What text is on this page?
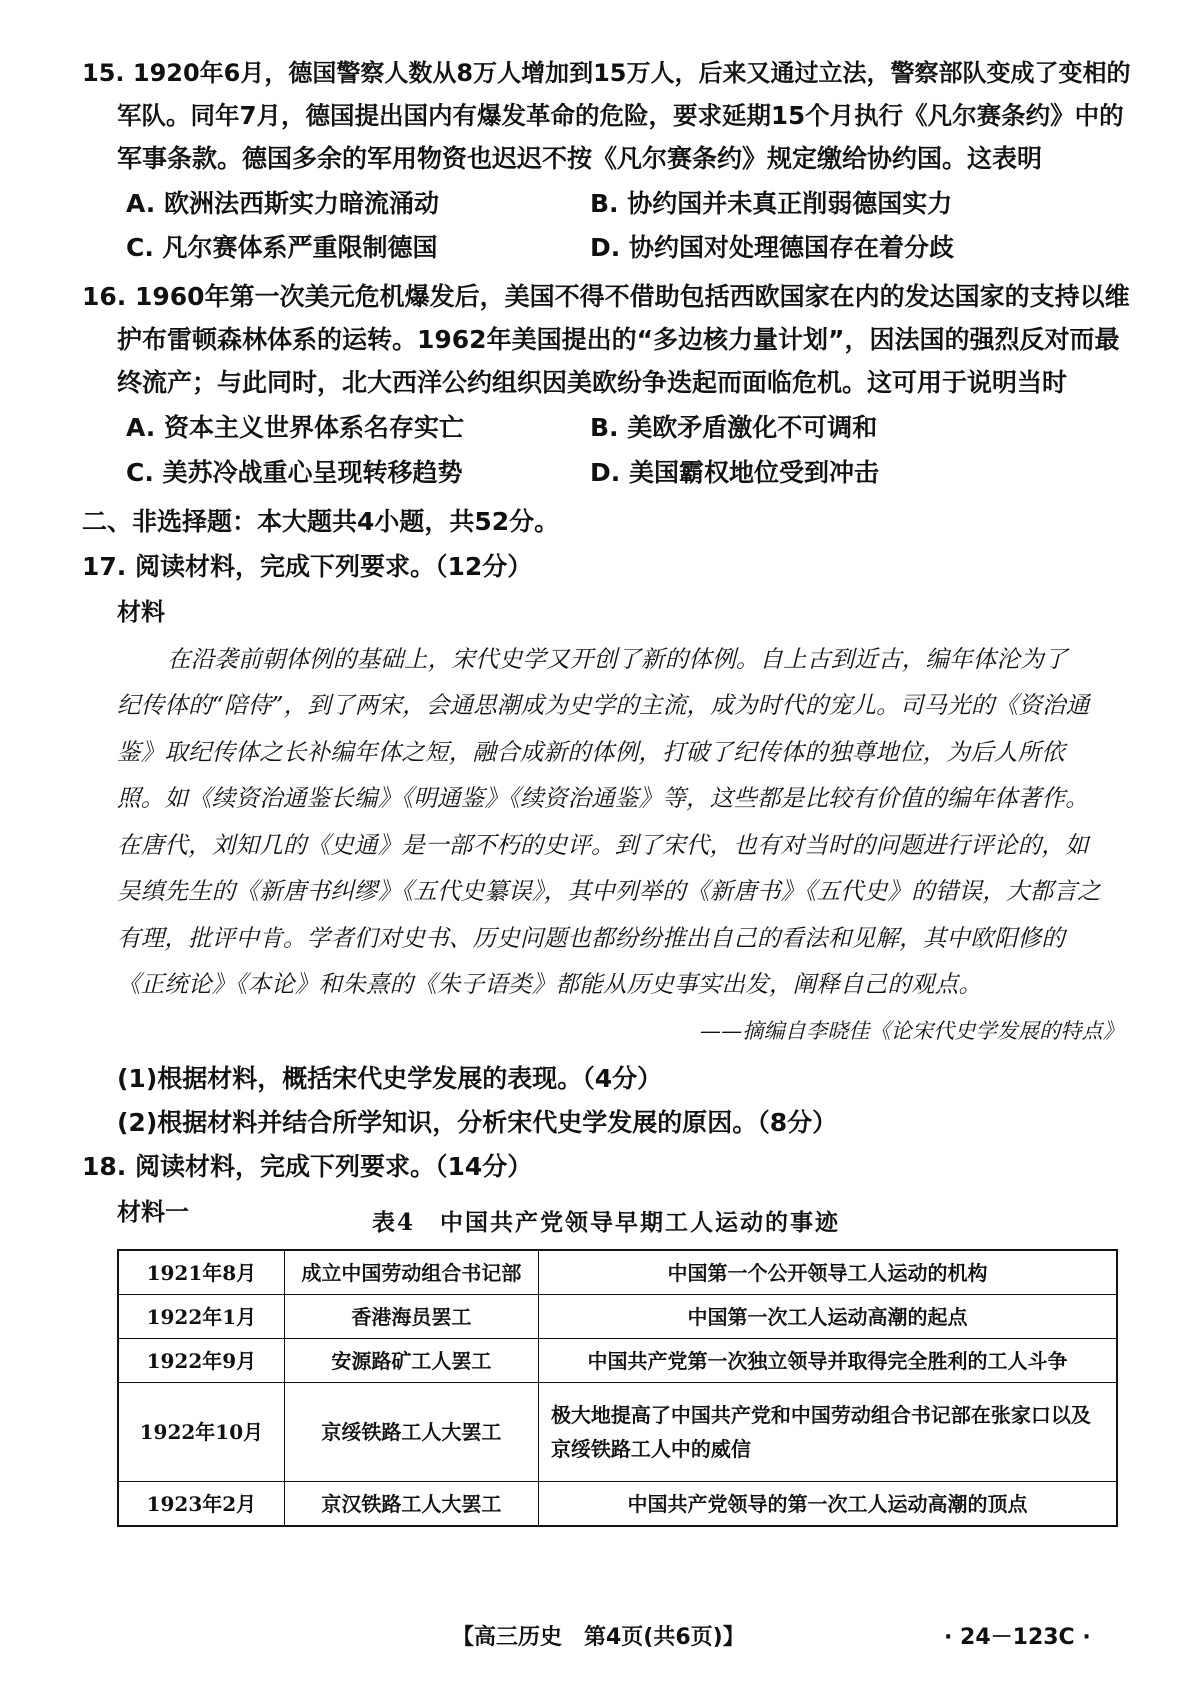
15. 1920年6月，德国警察人数从8万人增加到15万人，后来又通过立法，警察部队变成了变相的
军队。同年7月，德国提出国内有爆发革命的危险，要求延期15个月执行《凡尔赛条约》中的
军事条款。德国多余的军用物资也迟迟不按《凡尔赛条约》规定缴给协约国。这表明
A. 欧洲法西斯实力暗流涌动	B. 协约国并未真正削弱德国实力
C. 凡尔赛体系严重限制德国	D. 协约国对处理德国存在着分歧
16. 1960年第一次美元危机爆发后，美国不得不借助包括西欧国家在内的发达国家的支持以维
护布雷顿森林体系的运转。1962年美国提出的“多边核力量计划”，因法国的强烈反对而最
终流产；与此同时，北大西洋公约组织因美欧纷争迭起而面临危机。这可用于说明当时
A. 资本主义世界体系名存实亡	B. 美欧矛盾激化不可调和
C. 美苏冷战重心呈现转移趋势	D. 美国霸权地位受到冲击
二、非选择题：本大题共4小题，共52分。
17. 阅读材料，完成下列要求。（12分）
材料
在沿袭前朝体例的基础上，宋代史学又开创了新的体例。自上古到近古，编年体沦为了
纪传体的“陪侍”，到了两宋，会通思潮成为史学的主流，成为时代的宠儿。司马光的《资治通
鉴》取纪传体之长补编年体之短，融合成新的体例，打破了纪传体的独尊地位，为后人所依
照。如《续资治通鉴长编》《明通鉴》《续资治通鉴》等，这些都是比较有价值的编年体著作。
在唐代，刘知几的《史通》是一部不朽的史评。到了宋代，也有对当时的问题进行评论的，如
吴缜先生的《新唐书纠缪》《五代史纂误》，其中列举的《新唐书》《五代史》的错误，大都言之
有理，批评中肯。学者们对史书、历史问题也都纷纷推出自己的看法和见解，其中欧阳修的
《正统论》《本论》和朱熹的《朱子语类》都能从历史事实出发，阐释自己的观点。
——摘编自李晓佳《论宋代史学发展的特点》
(1)根据材料，概括宋代史学发展的表现。（4分）
(2)根据材料并结合所学知识，分析宋代史学发展的原因。（8分）
18. 阅读材料，完成下列要求。（14分）
材料一	表4　中国共产党领导早期工人运动的事迹
1921年8月	成立中国劳动组合书记部	中国第一个公开领导工人运动的机构
1922年1月	香港海员罢工	中国第一次工人运动高潮的起点
1922年9月	安源路矿工人罢工	中国共产党第一次独立领导并取得完全胜利的工人斗争
1922年10月	京绥铁路工人大罢工	极大地提高了中国共产党和中国劳动组合书记部在张家口以及京绥铁路工人中的威信
1923年2月	京汉铁路工人大罢工	中国共产党领导的第一次工人运动高潮的顶点
【高三历史　第4页(共6页)】	· 24－123C ·
